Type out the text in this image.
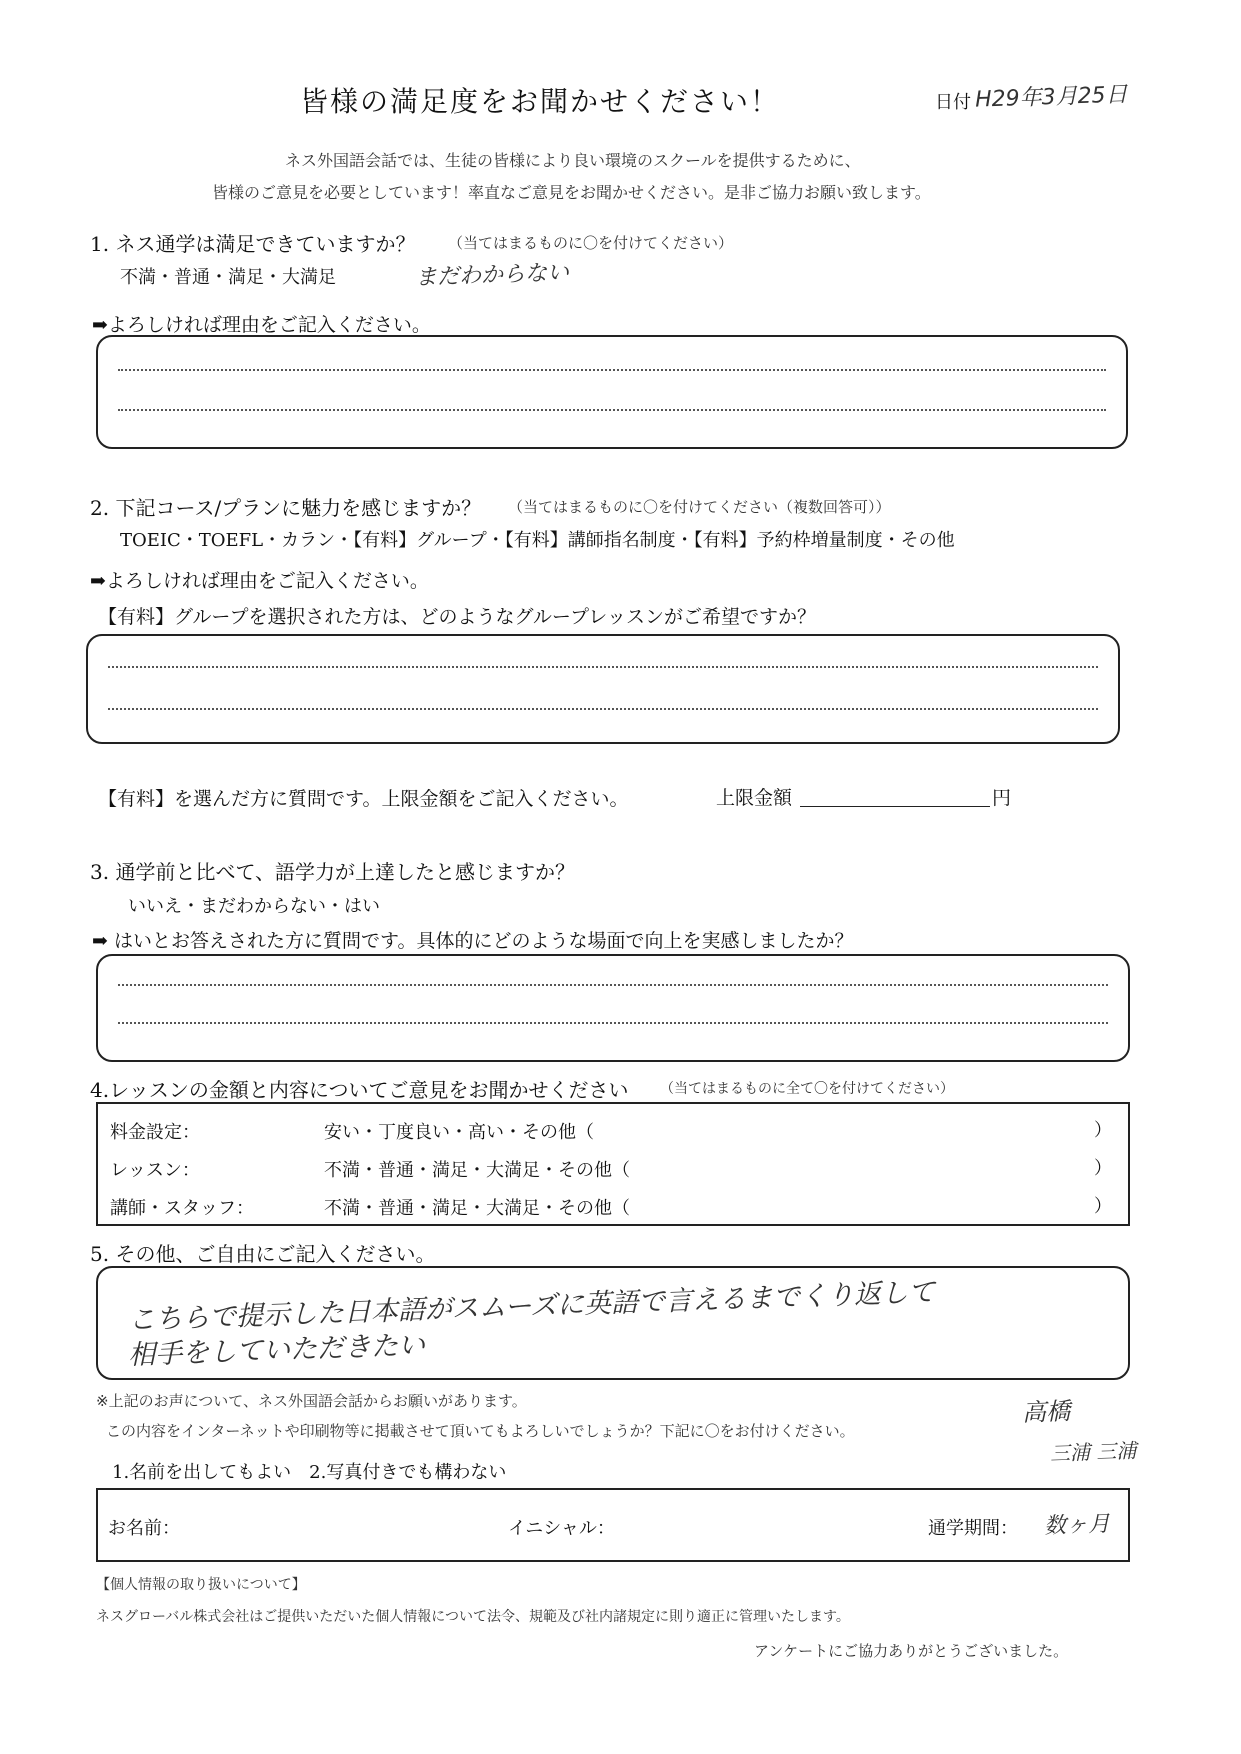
皆様の満足度をお聞かせください！	日付 H29年3月25日
ネス外国語会話では、生徒の皆様により良い環境のスクールを提供するために、
皆様のご意見を必要としています！率直なご意見をお聞かせください。是非ご協力お願い致します。
1. ネス通学は満足できていますか？ （当てはまるものに〇を付けてください）
不満・普通・満足・大満足	まだわからない
➡よろしければ理由をご記入ください。
2. 下記コース/プランに魅力を感じますか？ （当てはまるものに〇を付けてください（複数回答可））
TOEIC・TOEFL・カラン・【有料】グループ・【有料】講師指名制度・【有料】予約枠増量制度・その他
➡よろしければ理由をご記入ください。
【有料】グループを選択された方は、どのようなグループレッスンがご希望ですか？
【有料】を選んだ方に質問です。上限金額をご記入ください。	上限金額	円
3. 通学前と比べて、語学力が上達したと感じますか？
いいえ・まだわからない・はい
➡ はいとお答えされた方に質問です。具体的にどのような場面で向上を実感しましたか？
4.レッスンの金額と内容についてご意見をお聞かせください （当てはまるものに全て〇を付けてください）
料金設定：	安い・丁度良い・高い・その他（	）
レッスン：	不満・普通・満足・大満足・その他（	）
講師・スタッフ：	不満・普通・満足・大満足・その他（	）
5. その他、ご自由にご記入ください。
こちらで提示した日本語がスムーズに英語で言えるまでくり返して
相手をしていただきたい
※上記のお声について、ネス外国語会話からお願いがあります。
この内容をインターネットや印刷物等に掲載させて頂いてもよろしいでしょうか？下記に〇をお付けください。
1.名前を出してもよい　2.写真付きでも構わない
高橋
三浦 三浦
お名前：	イニシャル：	通学期間： 数ヶ月
【個人情報の取り扱いについて】
ネスグローバル株式会社はご提供いただいた個人情報について法令、規範及び社内諸規定に則り適正に管理いたします。
アンケートにご協力ありがとうございました。
